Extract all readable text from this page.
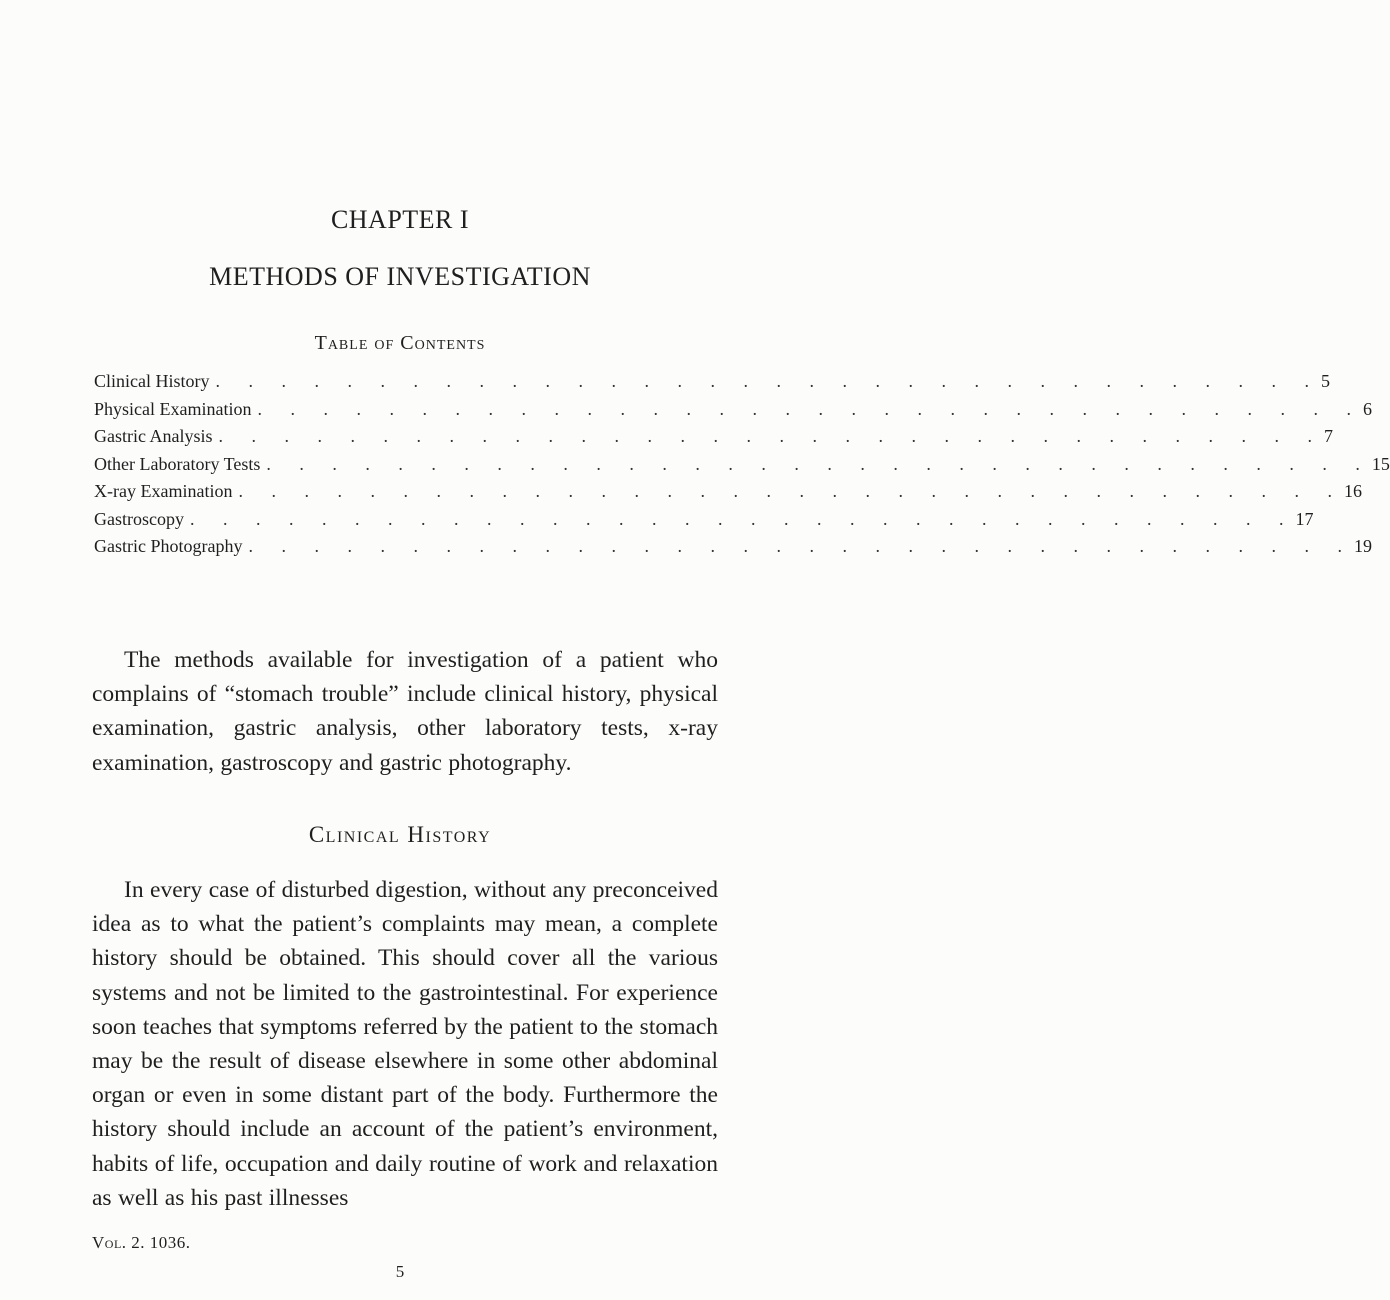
CHAPTER I
METHODS OF INVESTIGATION
Table of Contents
Clinical History . . . . . . . . . . . . . . . . . . . . . . . . . . . . . . . . . . 5
Physical Examination . . . . . . . . . . . . . . . . . . . . . . . . . . . . . . . . . . 6
Gastric Analysis . . . . . . . . . . . . . . . . . . . . . . . . . . . . . . . . . . 7
Other Laboratory Tests . . . . . . . . . . . . . . . . . . . . . . . . . . . . . . . . . . 15
X-ray Examination . . . . . . . . . . . . . . . . . . . . . . . . . . . . . . . . . . 16
Gastroscopy . . . . . . . . . . . . . . . . . . . . . . . . . . . . . . . . . . 17
Gastric Photography . . . . . . . . . . . . . . . . . . . . . . . . . . . . . . . . . . 19

The methods available for investigation of a patient who complains of “stomach trouble” include clinical history, physical examination, gastric analysis, other laboratory tests, x-ray examination, gastroscopy and gastric photography.

Clinical History

In every case of disturbed digestion, without any preconceived idea as to what the patient’s complaints may mean, a complete history should be obtained. This should cover all the various systems and not be limited to the gastrointestinal. For experience soon teaches that symptoms referred by the patient to the stomach may be the result of disease elsewhere in some other abdominal organ or even in some distant part of the body. Furthermore the history should include an account of the patient’s environment, habits of life, occupation and daily routine of work and relaxation as well as his past illnesses

Vol. 2. 1036.
5
